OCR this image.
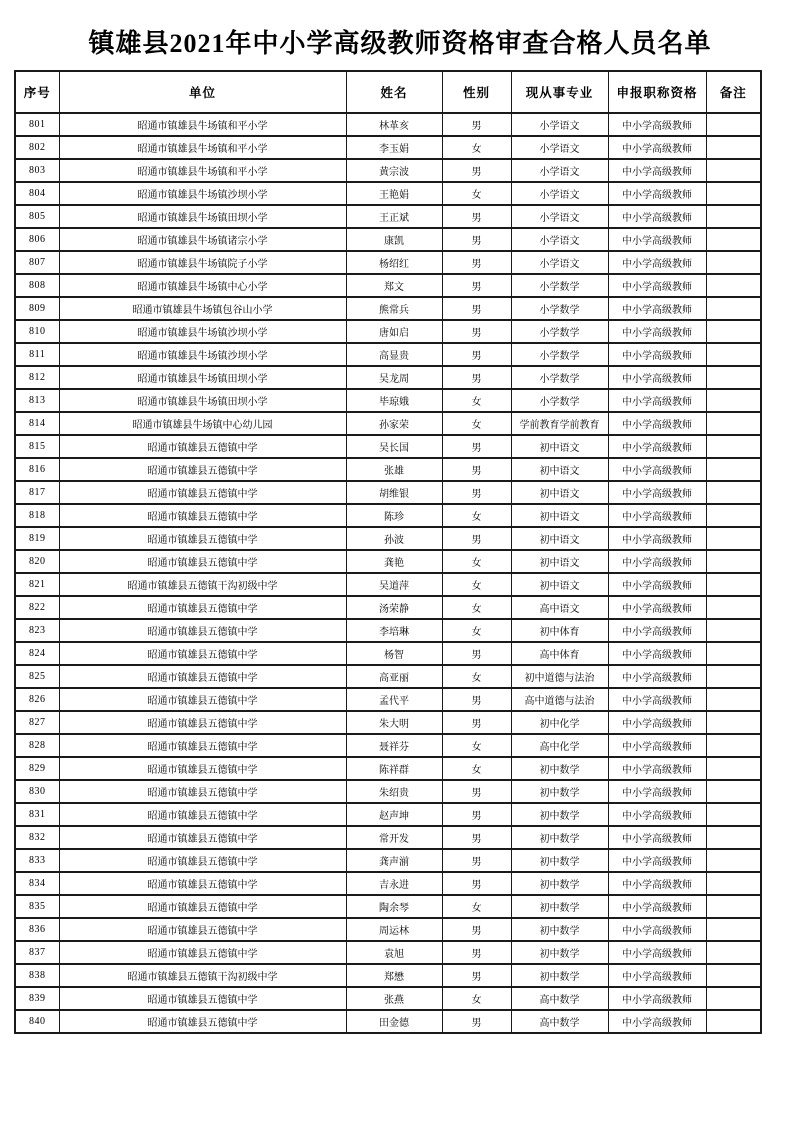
镇雄县2021年中小学高级教师资格审查合格人员名单
序号	单位	姓名	性别	现从事专业	申报职称资格	备注
801	昭通市镇雄县牛场镇和平小学	林革亥	男	小学语文	中小学高级教师	
802	昭通市镇雄县牛场镇和平小学	李玉娟	女	小学语文	中小学高级教师	
803	昭通市镇雄县牛场镇和平小学	黄宗波	男	小学语文	中小学高级教师	
804	昭通市镇雄县牛场镇沙坝小学	王艳娟	女	小学语文	中小学高级教师	
805	昭通市镇雄县牛场镇田坝小学	王正斌	男	小学语文	中小学高级教师	
806	昭通市镇雄县牛场镇诸宗小学	康凯	男	小学语文	中小学高级教师	
807	昭通市镇雄县牛场镇院子小学	杨绍红	男	小学语文	中小学高级教师	
808	昭通市镇雄县牛场镇中心小学	郑文	男	小学数学	中小学高级教师	
809	昭通市镇雄县牛场镇包谷山小学	熊常兵	男	小学数学	中小学高级教师	
810	昭通市镇雄县牛场镇沙坝小学	唐如启	男	小学数学	中小学高级教师	
811	昭通市镇雄县牛场镇沙坝小学	高显贵	男	小学数学	中小学高级教师	
812	昭通市镇雄县牛场镇田坝小学	吴龙周	男	小学数学	中小学高级教师	
813	昭通市镇雄县牛场镇田坝小学	毕琼娥	女	小学数学	中小学高级教师	
814	昭通市镇雄县牛场镇中心幼儿园	孙家荣	女	学前教育学前教育	中小学高级教师	
815	昭通市镇雄县五德镇中学	吴长国	男	初中语文	中小学高级教师	
816	昭通市镇雄县五德镇中学	张雄	男	初中语文	中小学高级教师	
817	昭通市镇雄县五德镇中学	胡维银	男	初中语文	中小学高级教师	
818	昭通市镇雄县五德镇中学	陈珍	女	初中语文	中小学高级教师	
819	昭通市镇雄县五德镇中学	孙波	男	初中语文	中小学高级教师	
820	昭通市镇雄县五德镇中学	龚艳	女	初中语文	中小学高级教师	
821	昭通市镇雄县五德镇干沟初级中学	吴道萍	女	初中语文	中小学高级教师	
822	昭通市镇雄县五德镇中学	汤荣静	女	高中语文	中小学高级教师	
823	昭通市镇雄县五德镇中学	李培琳	女	初中体育	中小学高级教师	
824	昭通市镇雄县五德镇中学	杨智	男	高中体育	中小学高级教师	
825	昭通市镇雄县五德镇中学	高亚丽	女	初中道德与法治	中小学高级教师	
826	昭通市镇雄县五德镇中学	孟代平	男	高中道德与法治	中小学高级教师	
827	昭通市镇雄县五德镇中学	朱大明	男	初中化学	中小学高级教师	
828	昭通市镇雄县五德镇中学	聂祥芬	女	高中化学	中小学高级教师	
829	昭通市镇雄县五德镇中学	陈祥群	女	初中数学	中小学高级教师	
830	昭通市镇雄县五德镇中学	朱绍贵	男	初中数学	中小学高级教师	
831	昭通市镇雄县五德镇中学	赵声坤	男	初中数学	中小学高级教师	
832	昭通市镇雄县五德镇中学	常开发	男	初中数学	中小学高级教师	
833	昭通市镇雄县五德镇中学	龚声湔	男	初中数学	中小学高级教师	
834	昭通市镇雄县五德镇中学	吉永进	男	初中数学	中小学高级教师	
835	昭通市镇雄县五德镇中学	陶余琴	女	初中数学	中小学高级教师	
836	昭通市镇雄县五德镇中学	周运林	男	初中数学	中小学高级教师	
837	昭通市镇雄县五德镇中学	袁旭	男	初中数学	中小学高级教师	
838	昭通市镇雄县五德镇干沟初级中学	郑懋	男	初中数学	中小学高级教师	
839	昭通市镇雄县五德镇中学	张燕	女	高中数学	中小学高级教师	
840	昭通市镇雄县五德镇中学	田金德	男	高中数学	中小学高级教师	
